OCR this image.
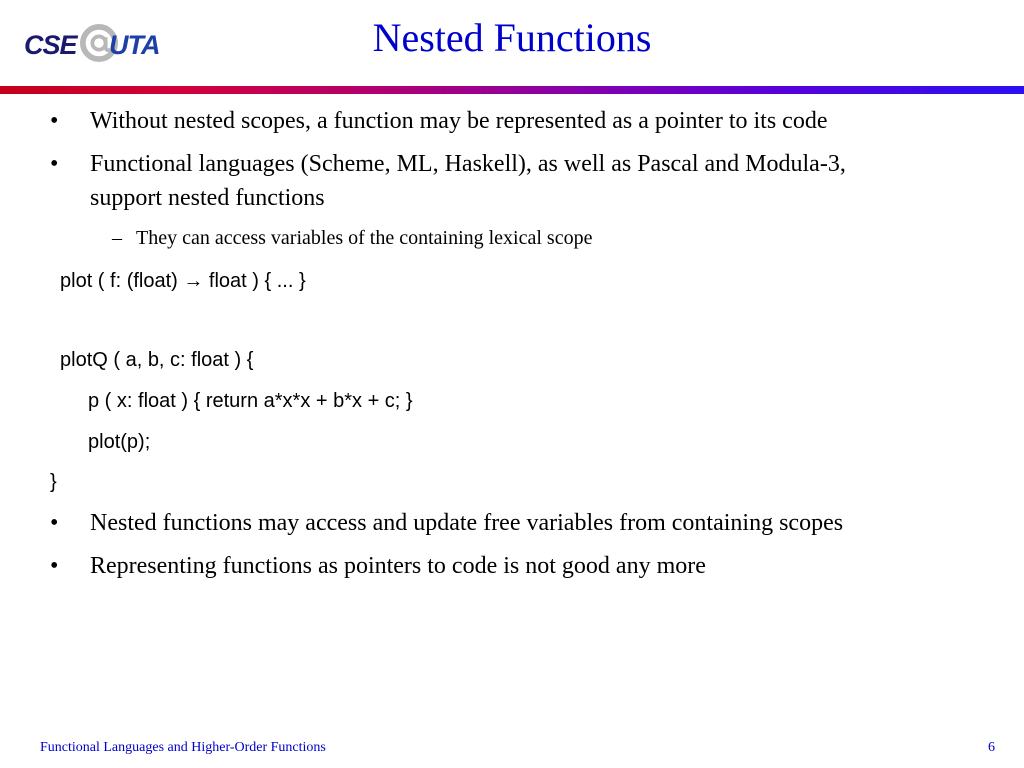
CSE UTA	Nested Functions
• Without nested scopes, a function may be represented as a pointer to its code
• Functional languages (Scheme, ML, Haskell), as well as Pascal and Modula-3,
support nested functions
– They can access variables of the containing lexical scope
plot ( f: (float) → float ) { ... }
plotQ ( a, b, c: float ) {
p ( x: float ) { return a*x*x + b*x + c; }
plot(p);
}
• Nested functions may access and update free variables from containing scopes
• Representing functions as pointers to code is not good any more
Functional Languages and Higher-Order Functions	6
